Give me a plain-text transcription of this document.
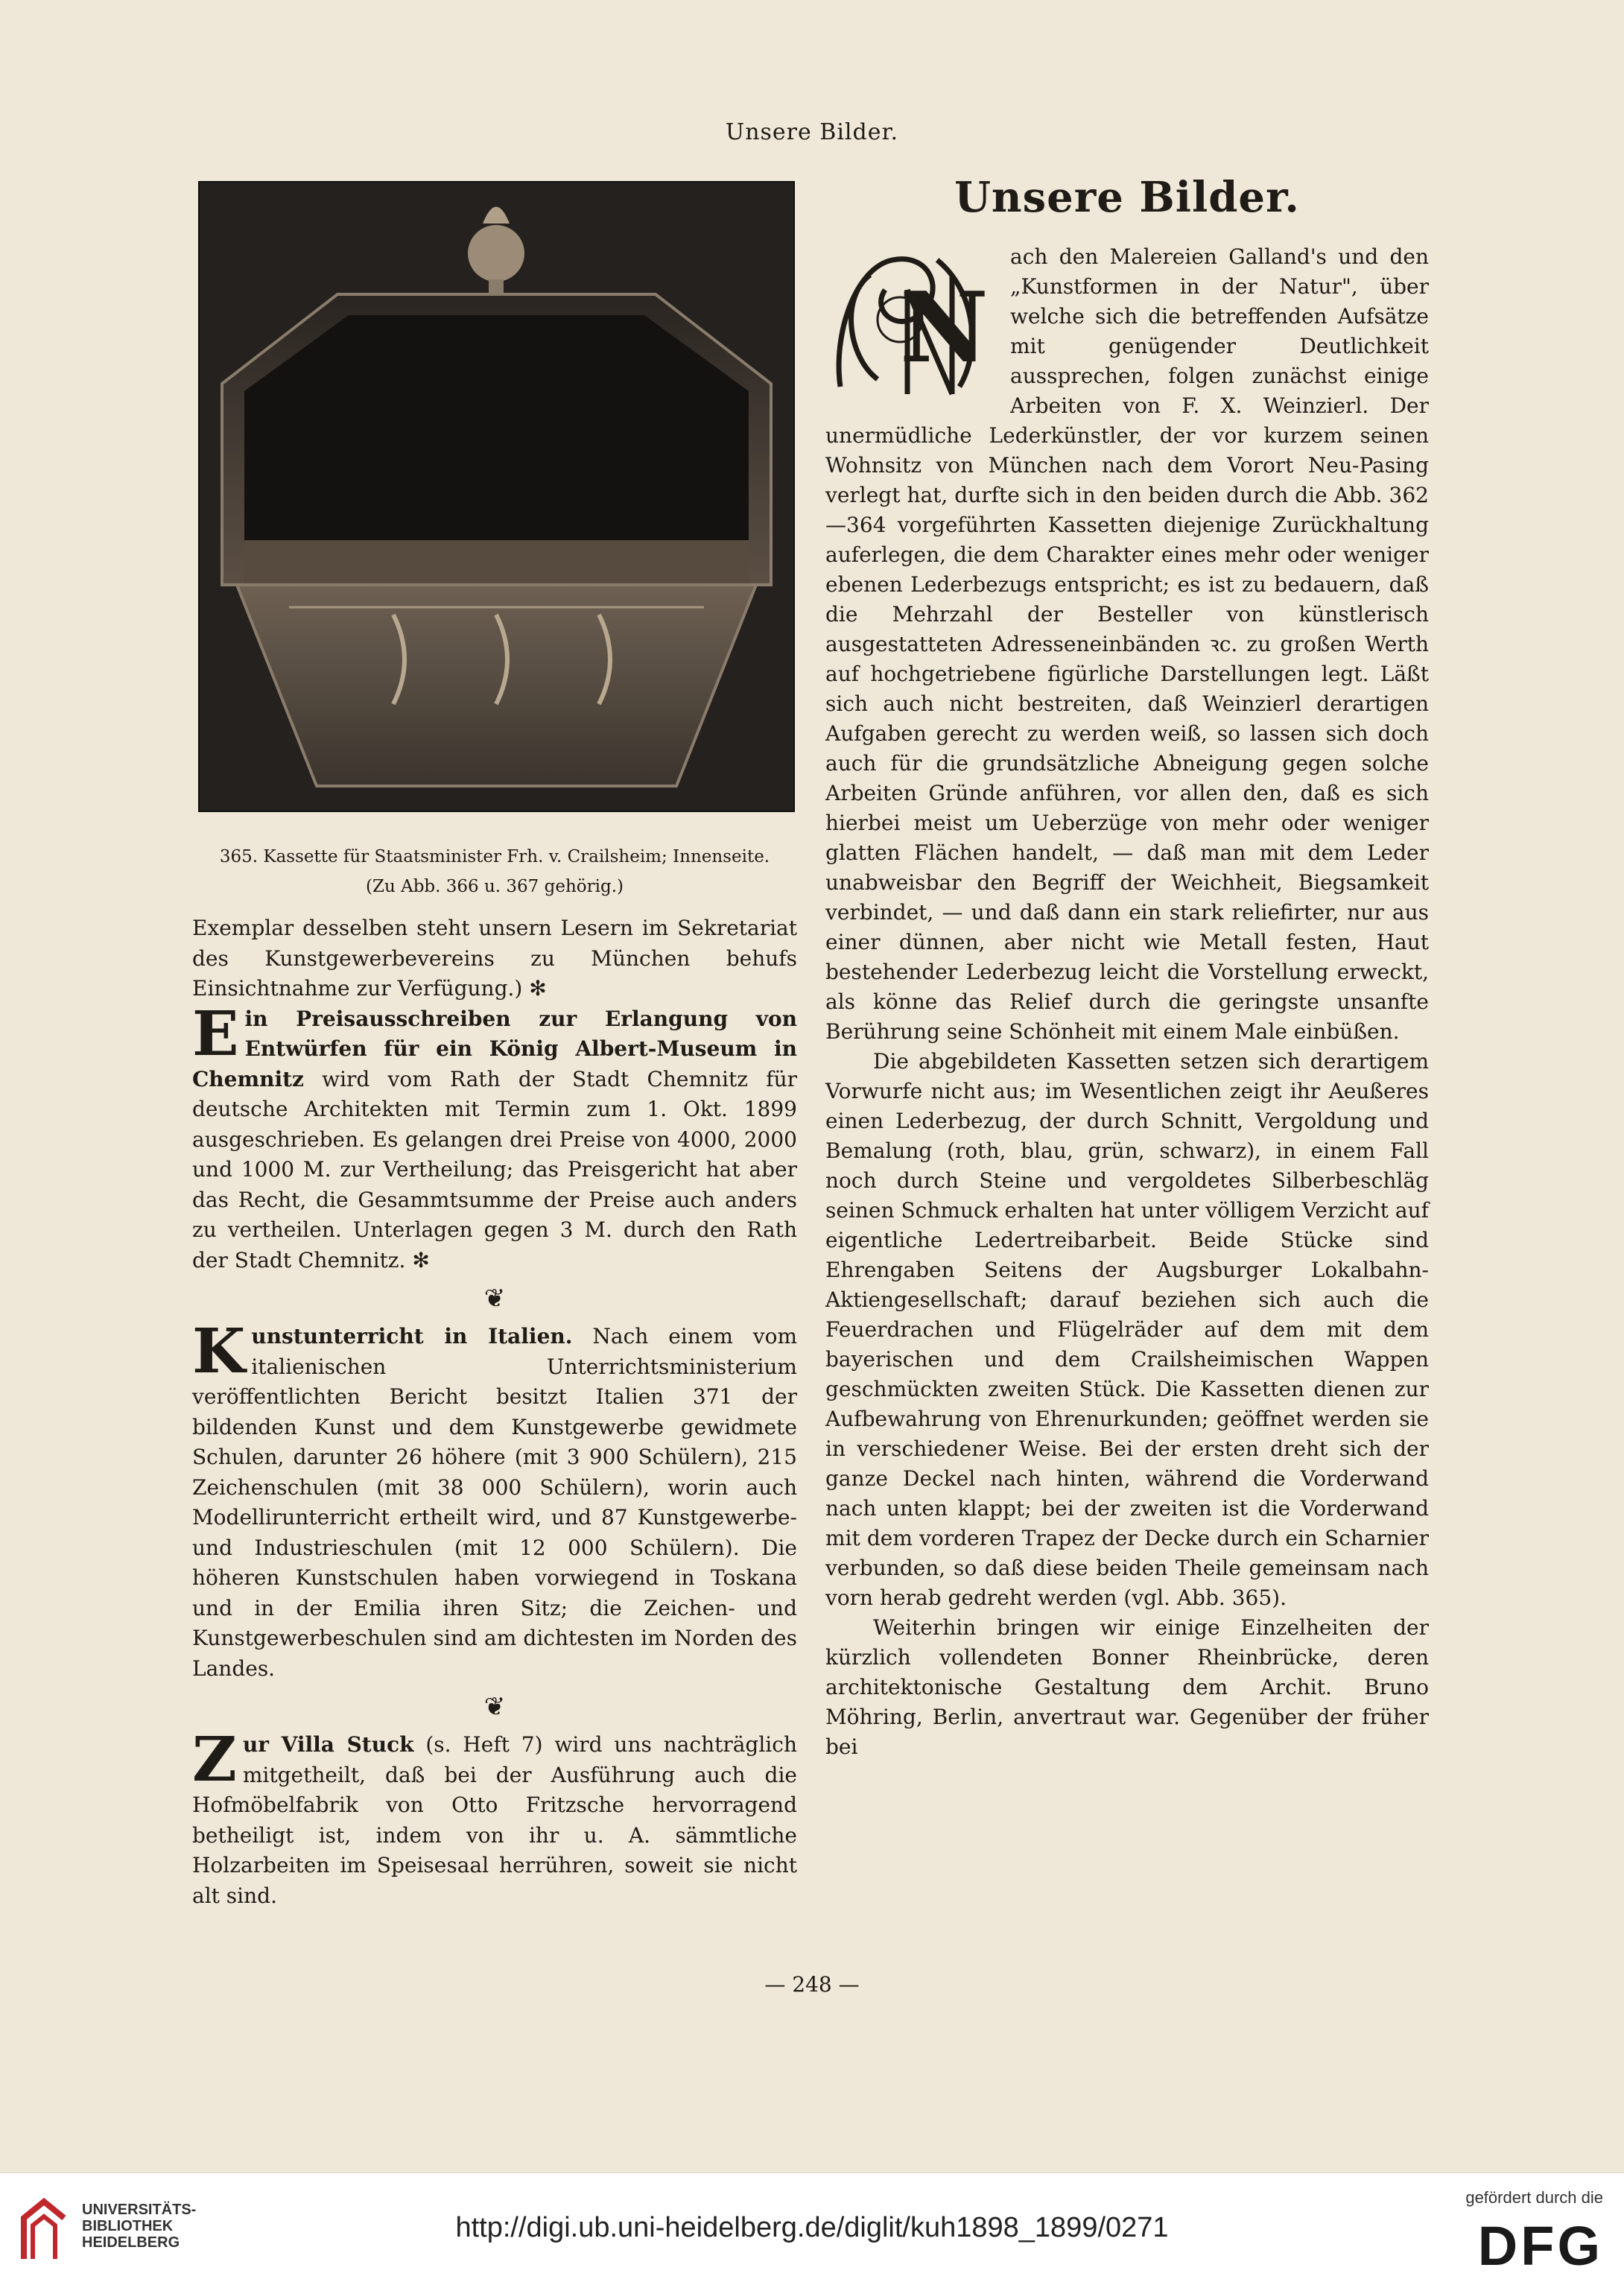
Unsere Bilder.
365. Kassette für Staatsminister Frh. v. Crailsheim; Innenseite.
(Zu Abb. 366 u. 367 gehörig.)

Exemplar desselben steht unsern Lesern im Sekretariat des Kunstgewerbevereins zu München behufs Einsichtnahme zur Verfügung.) ✻

Ein Preisausschreiben zur Erlangung von Entwürfen für ein König Albert-Museum in Chemnitz wird vom Rath der Stadt Chemnitz für deutsche Architekten mit Termin zum 1. Okt. 1899 ausgeschrieben. Es gelangen drei Preise von 4000, 2000 und 1000 M. zur Vertheilung; das Preisgericht hat aber das Recht, die Gesammtsumme der Preise auch anders zu vertheilen. Unterlagen gegen 3 M. durch den Rath der Stadt Chemnitz. ✻

❦

Kunstunterricht in Italien. Nach einem vom italienischen Unterrichtsministerium veröffentlichten Bericht besitzt Italien 371 der bildenden Kunst und dem Kunstgewerbe gewidmete Schulen, darunter 26 höhere (mit 3 900 Schülern), 215 Zeichenschulen (mit 38 000 Schülern), worin auch Modellirunterricht ertheilt wird, und 87 Kunstgewerbe- und Industrieschulen (mit 12 000 Schülern). Die höheren Kunstschulen haben vorwiegend in Toskana und in der Emilia ihren Sitz; die Zeichen- und Kunstgewerbeschulen sind am dichtesten im Norden des Landes.

❦

Zur Villa Stuck (s. Heft 7) wird uns nachträglich mitgetheilt, daß bei der Ausführung auch die Hofmöbelfabrik von Otto Fritzsche hervorragend betheiligt ist, indem von ihr u. A. sämmtliche Holzarbeiten im Speisesaal herrühren, soweit sie nicht alt sind.

Unsere Bilder.

N
ach den Malereien Galland's und den „Kunstformen in der Natur", über welche sich die betreffenden Aufsätze mit genügender Deutlichkeit aussprechen, folgen zunächst einige Arbeiten von F. X. Weinzierl. Der unermüdliche Lederkünstler, der vor kurzem seinen Wohnsitz von München nach dem Vorort Neu-Pasing verlegt hat, durfte sich in den beiden durch die Abb. 362—364 vorgeführten Kassetten diejenige Zurückhaltung auferlegen, die dem Charakter eines mehr oder weniger ebenen Lederbezugs entspricht; es ist zu bedauern, daß die Mehrzahl der Besteller von künstlerisch ausgestatteten Adresseneinbänden ꝛc. zu großen Werth auf hochgetriebene figürliche Darstellungen legt. Läßt sich auch nicht bestreiten, daß Weinzierl derartigen Aufgaben gerecht zu werden weiß, so lassen sich doch auch für die grundsätzliche Abneigung gegen solche Arbeiten Gründe anführen, vor allen den, daß es sich hierbei meist um Ueberzüge von mehr oder weniger glatten Flächen handelt, — daß man mit dem Leder unabweisbar den Begriff der Weichheit, Biegsamkeit verbindet, — und daß dann ein stark reliefirter, nur aus einer dünnen, aber nicht wie Metall festen, Haut bestehender Lederbezug leicht die Vorstellung erweckt, als könne das Relief durch die geringste unsanfte Berührung seine Schönheit mit einem Male einbüßen.

Die abgebildeten Kassetten setzen sich derartigem Vorwurfe nicht aus; im Wesentlichen zeigt ihr Aeußeres einen Lederbezug, der durch Schnitt, Vergoldung und Bemalung (roth, blau, grün, schwarz), in einem Fall noch durch Steine und vergoldetes Silberbeschläg seinen Schmuck erhalten hat unter völligem Verzicht auf eigentliche Ledertreibarbeit. Beide Stücke sind Ehrengaben Seitens der Augsburger Lokalbahn-Aktiengesellschaft; darauf beziehen sich auch die Feuerdrachen und Flügelräder auf dem mit dem bayerischen und dem Crailsheimischen Wappen geschmückten zweiten Stück. Die Kassetten dienen zur Aufbewahrung von Ehrenurkunden; geöffnet werden sie in verschiedener Weise. Bei der ersten dreht sich der ganze Deckel nach hinten, während die Vorderwand nach unten klappt; bei der zweiten ist die Vorderwand mit dem vorderen Trapez der Decke durch ein Scharnier verbunden, so daß diese beiden Theile gemeinsam nach vorn herab gedreht werden (vgl. Abb. 365).

Weiterhin bringen wir einige Einzelheiten der kürzlich vollendeten Bonner Rheinbrücke, deren architektonische Gestaltung dem Archit. Bruno Möhring, Berlin, anvertraut war. Gegenüber der früher bei

— 248 —
UNIVERSITÄTS-
BIBLIOTHEK
HEIDELBERG	http://digi.ub.uni-heidelberg.de/diglit/kuh1898_1899/0271
gefördert durch die
DFG
